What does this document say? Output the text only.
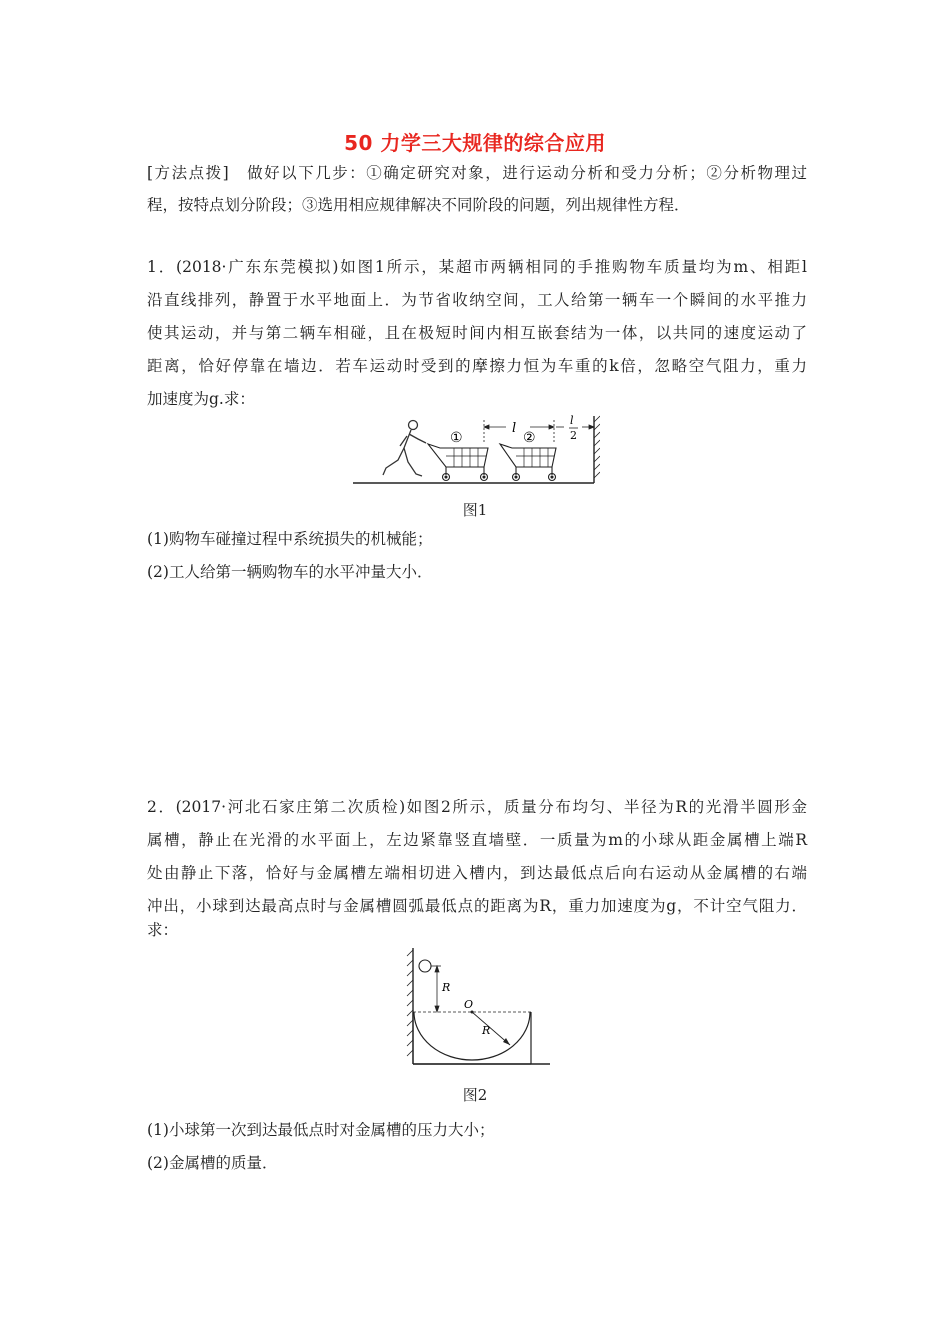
50 力学三大规律的综合应用
[方法点拨]　做好以下几步：①确定研究对象，进行运动分析和受力分析；②分析物理过
程，按特点划分阶段；③选用相应规律解决不同阶段的问题，列出规律性方程．
1．(2018·广东东莞模拟)如图1所示，某超市两辆相同的手推购物车质量均为m、相距l
沿直线排列，静置于水平地面上．为节省收纳空间，工人给第一辆车一个瞬间的水平推力
使其运动，并与第二辆车相碰，且在极短时间内相互嵌套结为一体，以共同的速度运动了
距离，恰好停靠在墙边．若车运动时受到的摩擦力恒为车重的k倍，忽略空气阻力，重力
加速度为g.求：
①	②
l
l
2
图1
(1)购物车碰撞过程中系统损失的机械能；
(2)工人给第一辆购物车的水平冲量大小．
2．(2017·河北石家庄第二次质检)如图2所示，质量分布均匀、半径为R的光滑半圆形金
属槽，静止在光滑的水平面上，左边紧靠竖直墙壁．一质量为m的小球从距金属槽上端R
处由静止下落，恰好与金属槽左端相切进入槽内，到达最低点后向右运动从金属槽的右端
冲出，小球到达最高点时与金属槽圆弧最低点的距离为R，重力加速度为g，不计空气阻力．
求：
R
O
R
图2
(1)小球第一次到达最低点时对金属槽的压力大小；
(2)金属槽的质量．
